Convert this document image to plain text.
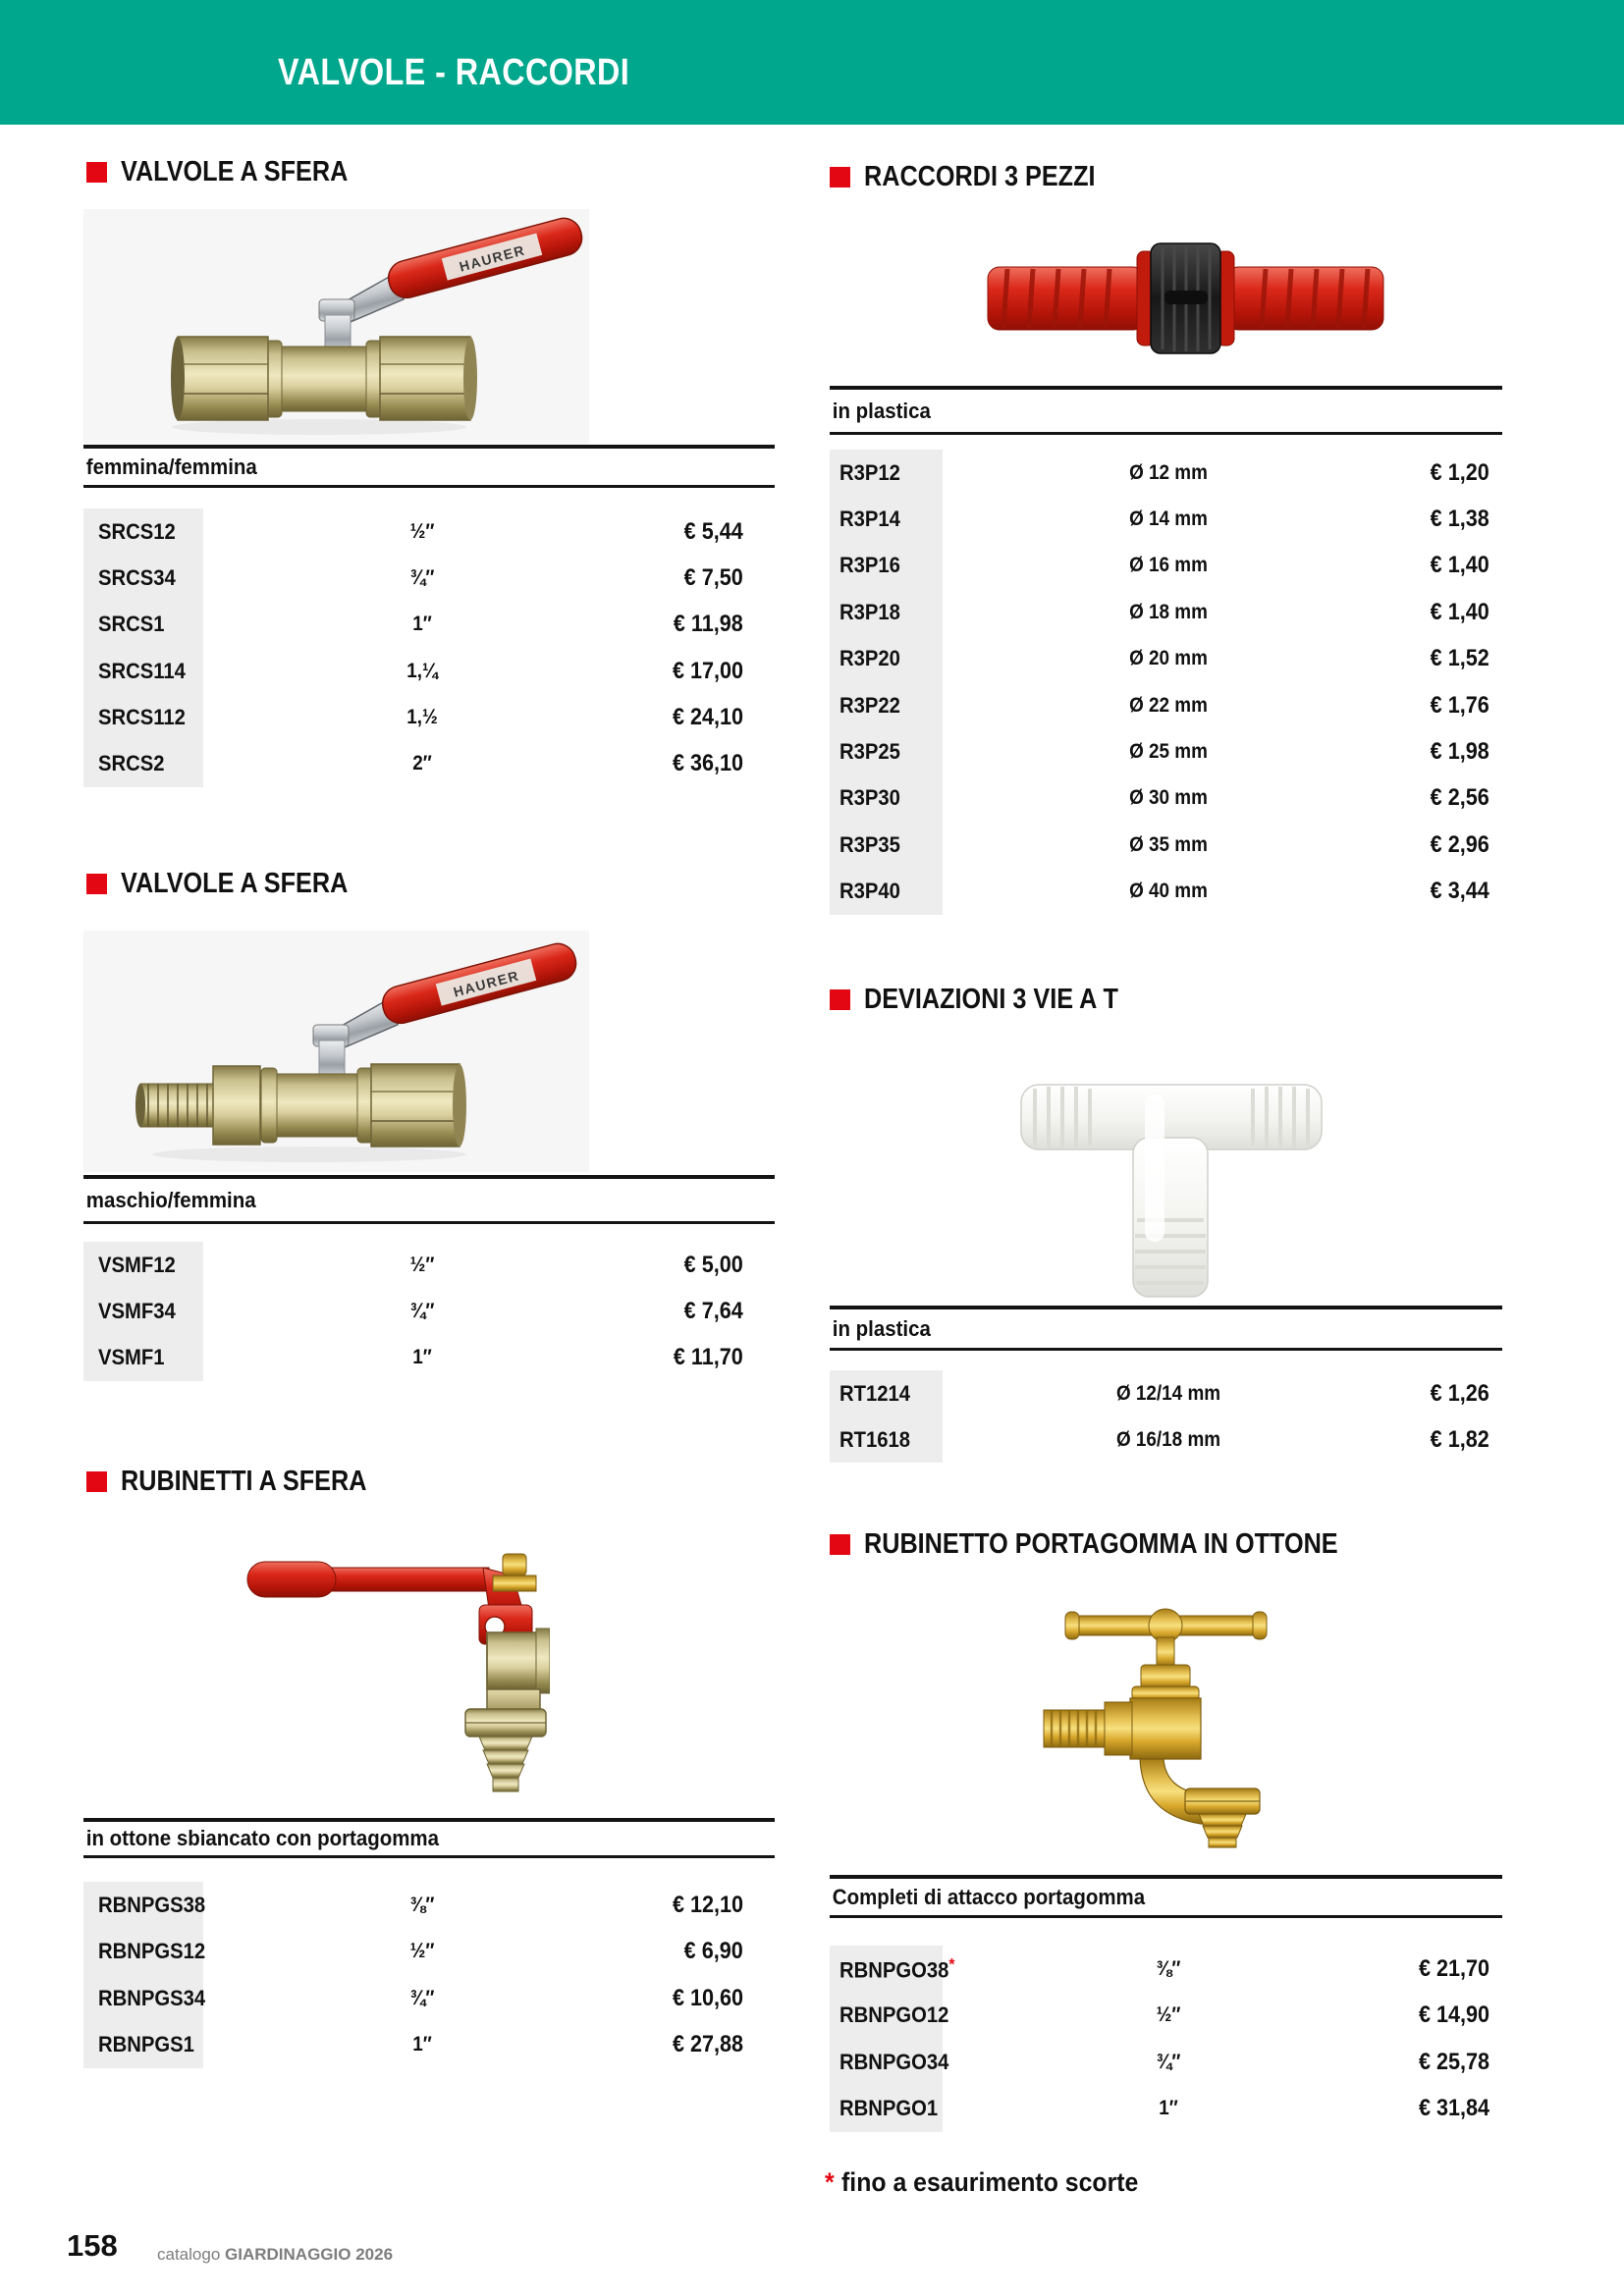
VALVOLE - RACCORDI
VALVOLE A SFERA
HAURER
femmina/femmina
SRCS12	½″	€ 5,44
SRCS34	¾″	€ 7,50
SRCS1	1″	€ 11,98
SRCS114	1,¼	€ 17,00
SRCS112	1,½	€ 24,10
SRCS2	2″	€ 36,10
VALVOLE A SFERA
HAURER
maschio/femmina
VSMF12	½″	€ 5,00
VSMF34	¾″	€ 7,64
VSMF1	1″	€ 11,70
RUBINETTI A SFERA
in ottone sbiancato con portagomma
RBNPGS38	⅜″	€ 12,10
RBNPGS12	½″	€ 6,90
RBNPGS34	¾″	€ 10,60
RBNPGS1	1″	€ 27,88
RACCORDI 3 PEZZI
in plastica
R3P12	Ø 12 mm	€ 1,20
R3P14	Ø 14 mm	€ 1,38
R3P16	Ø 16 mm	€ 1,40
R3P18	Ø 18 mm	€ 1,40
R3P20	Ø 20 mm	€ 1,52
R3P22	Ø 22 mm	€ 1,76
R3P25	Ø 25 mm	€ 1,98
R3P30	Ø 30 mm	€ 2,56
R3P35	Ø 35 mm	€ 2,96
R3P40	Ø 40 mm	€ 3,44
DEVIAZIONI 3 VIE A T
in plastica
RT1214	Ø 12/14 mm	€ 1,26
RT1618	Ø 16/18 mm	€ 1,82
RUBINETTO PORTAGOMMA IN OTTONE
Completi di attacco portagomma
RBNPGO38*	⅜″	€ 21,70
RBNPGO12	½″	€ 14,90
RBNPGO34	¾″	€ 25,78
RBNPGO1	1″	€ 31,84
* fino a esaurimento scorte
158 catalogo GIARDINAGGIO 2026
